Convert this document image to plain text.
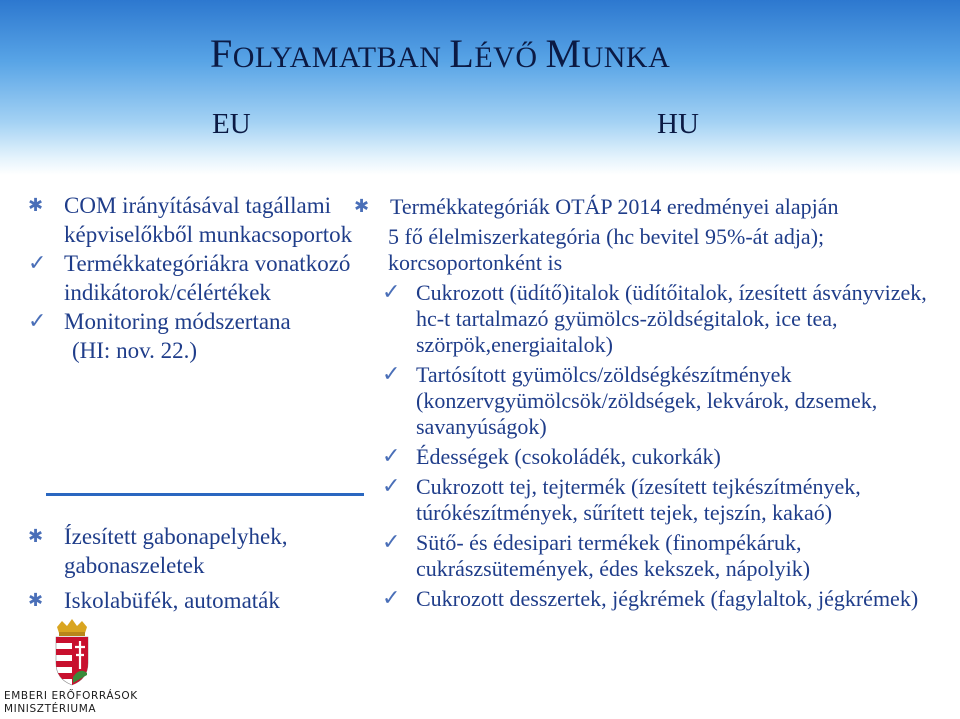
FOLYAMATBAN LÉVŐ MUNKA
EU	HU
✱ COM irányításával tagállami képviselőkből munkacsoportok
✓ Termékkategóriákra vonatkozó indikátorok/célértékek
✓ Monitoring módszertana
(HI: nov. 22.)
✱ Ízesített gabonapelyhek, gabonaszeletek
✱ Iskolabüfék, automaták
✱ Termékkategóriák OTÁP 2014 eredményei alapján
5 fő élelmiszerkategória (hc bevitel 95%-át adja); korcsoportonként is
✓ Cukrozott (üdítő)italok (üdítőitalok, ízesített ásványvizek, hc-t tartalmazó gyümölcs-zöldségitalok, ice tea, szörpök,energiaitalok)
✓ Tartósított gyümölcs/zöldségkészítmények (konzervgyümölcsök/zöldségek, lekvárok, dzsemek, savanyúságok)
✓ Édességek (csokoládék, cukorkák)
✓ Cukrozott tej, tejtermék (ízesített tejkészítmények, túrókészítmények, sűrített tejek, tejszín, kakaó)
✓ Sütő- és édesipari termékek (finompékáruk, cukrászsütemények, édes kekszek, nápolyik)
✓ Cukrozott desszertek, jégkrémek (fagylaltok, jégkrémek)
EMBERI ERŐFORRÁSOK
MINISZTÉRIUMA
